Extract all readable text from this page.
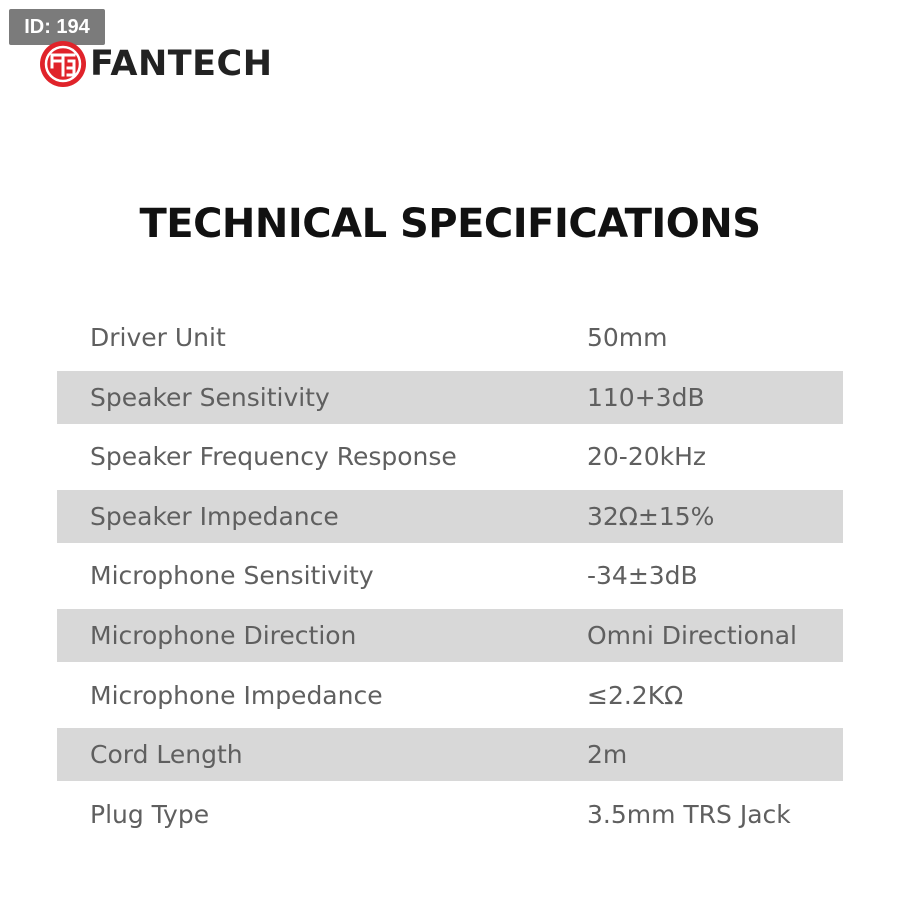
ID: 194
FANTECH
TECHNICAL SPECIFICATIONS
Driver Unit	50mm
Speaker Sensitivity	110+3dB
Speaker Frequency Response	20-20kHz
Speaker Impedance	32Ω±15%
Microphone Sensitivity	-34±3dB
Microphone Direction	Omni Directional
Microphone Impedance	≤2.2KΩ
Cord Length	2m
Plug Type	3.5mm TRS Jack
